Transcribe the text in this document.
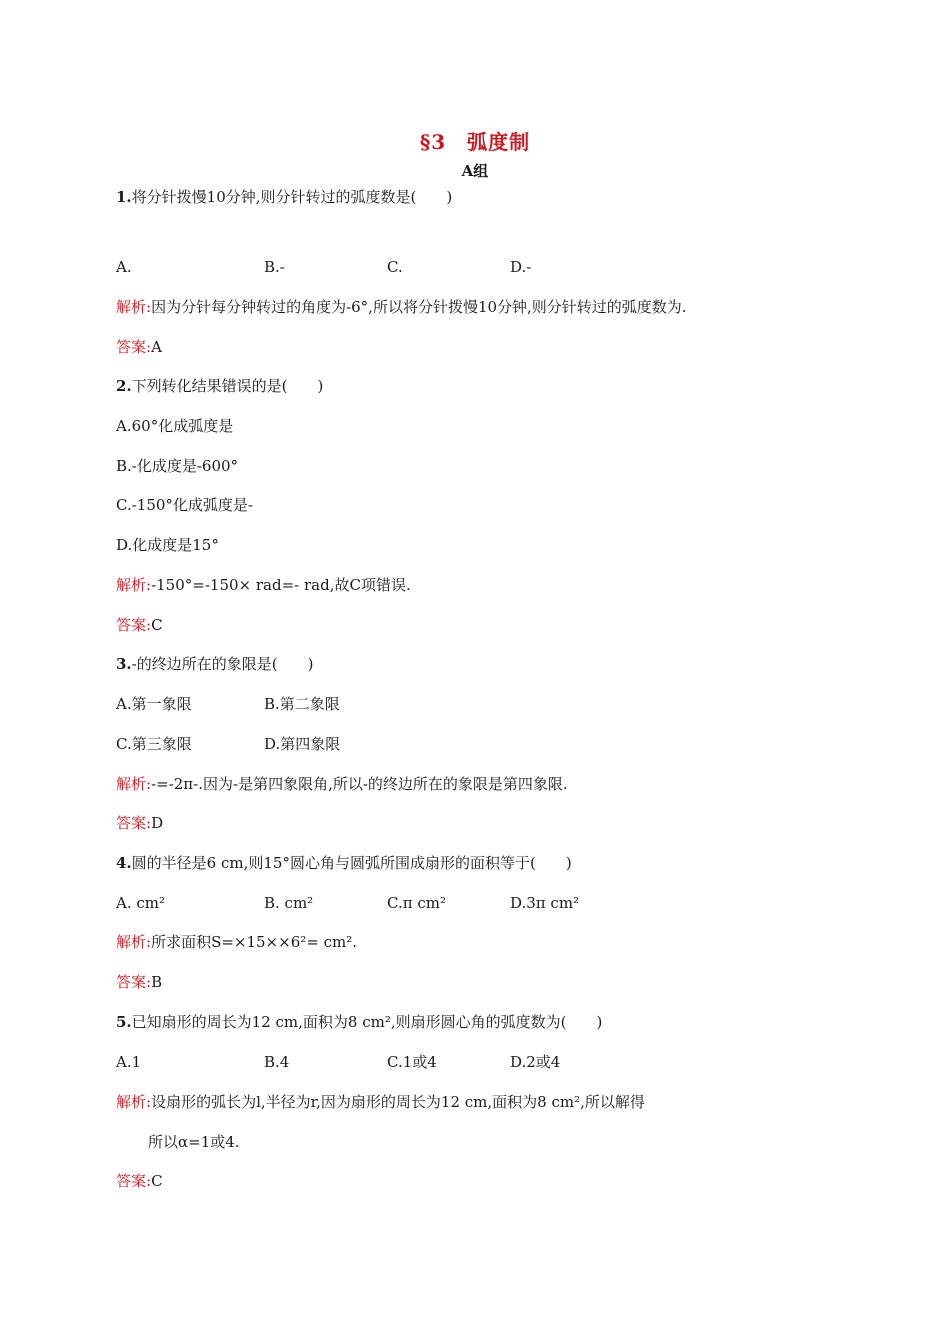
§3　弧度制
A组
1.将分针拨慢10分钟,则分针转过的弧度数是(　　)
A.	B.-	C.	D.-
解析:因为分针每分钟转过的角度为-6°,所以将分针拨慢10分钟,则分针转过的弧度数为.
答案:A
2.下列转化结果错误的是(　　)
A.60°化成弧度是
B.-化成度是-600°
C.-150°化成弧度是-
D.化成度是15°
解析:-150°=-150× rad=- rad,故C项错误.
答案:C
3.-的终边所在的象限是(　　)
A.第一象限	B.第二象限
C.第三象限	D.第四象限
解析:-=-2π-.因为-是第四象限角,所以-的终边所在的象限是第四象限.
答案:D
4.圆的半径是6 cm,则15°圆心角与圆弧所围成扇形的面积等于(　　)
A. cm²	B. cm²	C.π cm²	D.3π cm²
解析:所求面积S=×15××6²= cm².
答案:B
5.已知扇形的周长为12 cm,面积为8 cm²,则扇形圆心角的弧度数为(　　)
A.1	B.4	C.1或4	D.2或4
解析:设扇形的弧长为l,半径为r,因为扇形的周长为12 cm,面积为8 cm²,所以解得
所以α=1或4.
答案:C
